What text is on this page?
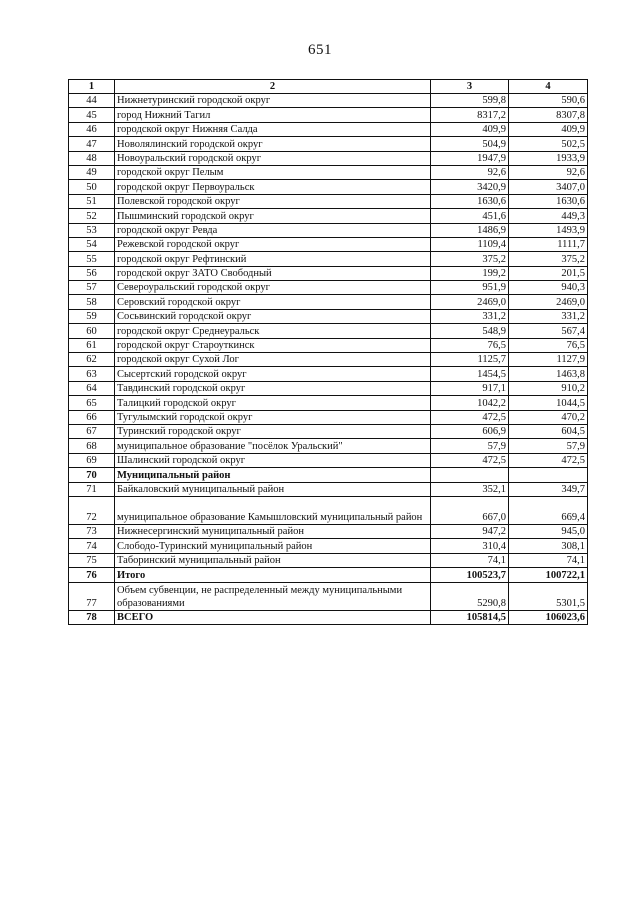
651
1	2	3	4
44	Нижнетуринский городской округ	599,8	590,6
45	город Нижний Тагил	8317,2	8307,8
46	городской округ Нижняя Салда	409,9	409,9
47	Новолялинский городской округ	504,9	502,5
48	Новоуральский городской округ	1947,9	1933,9
49	городской округ Пелым	92,6	92,6
50	городской округ Первоуральск	3420,9	3407,0
51	Полевской городской округ	1630,6	1630,6
52	Пышминский городской округ	451,6	449,3
53	городской округ Ревда	1486,9	1493,9
54	Режевской городской округ	1109,4	1111,7
55	городской округ Рефтинский	375,2	375,2
56	городской округ ЗАТО Свободный	199,2	201,5
57	Североуральский городской округ	951,9	940,3
58	Серовский городской округ	2469,0	2469,0
59	Сосьвинский городской округ	331,2	331,2
60	городской округ Среднеуральск	548,9	567,4
61	городской округ Староуткинск	76,5	76,5
62	городской округ Сухой Лог	1125,7	1127,9
63	Сысертский городской округ	1454,5	1463,8
64	Тавдинский городской округ	917,1	910,2
65	Талицкий городской округ	1042,2	1044,5
66	Тугулымский городской округ	472,5	470,2
67	Туринский городской округ	606,9	604,5
68	муниципальное образование "посёлок Уральский"	57,9	57,9
69	Шалинский городской округ	472,5	472,5
70	Муниципальный район		
71	Байкаловский муниципальный район	352,1	349,7
72	муниципальное образование Камышловский муниципальный район	667,0	669,4
73	Нижнесергинский муниципальный район	947,2	945,0
74	Слободо-Туринский муниципальный район	310,4	308,1
75	Таборинский муниципальный район	74,1	74,1
76	Итого	100523,7	100722,1
77	Объем субвенции, не распределенный между муниципальными образованиями	5290,8	5301,5
78	ВСЕГО	105814,5	106023,6
